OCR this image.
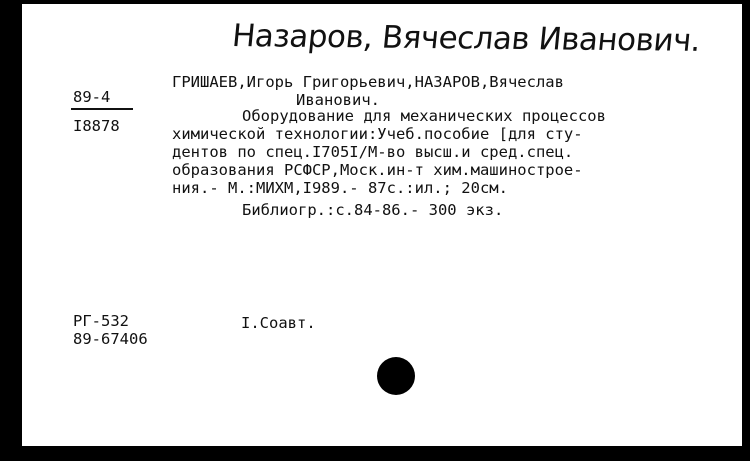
Назаров, Вячеслав Иванович.
89-4
I8878
ГРИШАЕВ,Игорь Григорьевич,НАЗАРОВ,Вячеслав
Иванович.
Оборудование для механических процессов
химической технологии:Учеб.пособие [для сту-
дентов по спец.I705I/М-во высш.и сред.спец.
образования РСФСР,Моск.ин-т хим.машинострое-
ния.- М.:МИХМ,I989.- 87с.:ил.; 20см.
Библиогр.:с.84-86.- 300 экз.
РГ-532
89-67406
I.Соавт.
